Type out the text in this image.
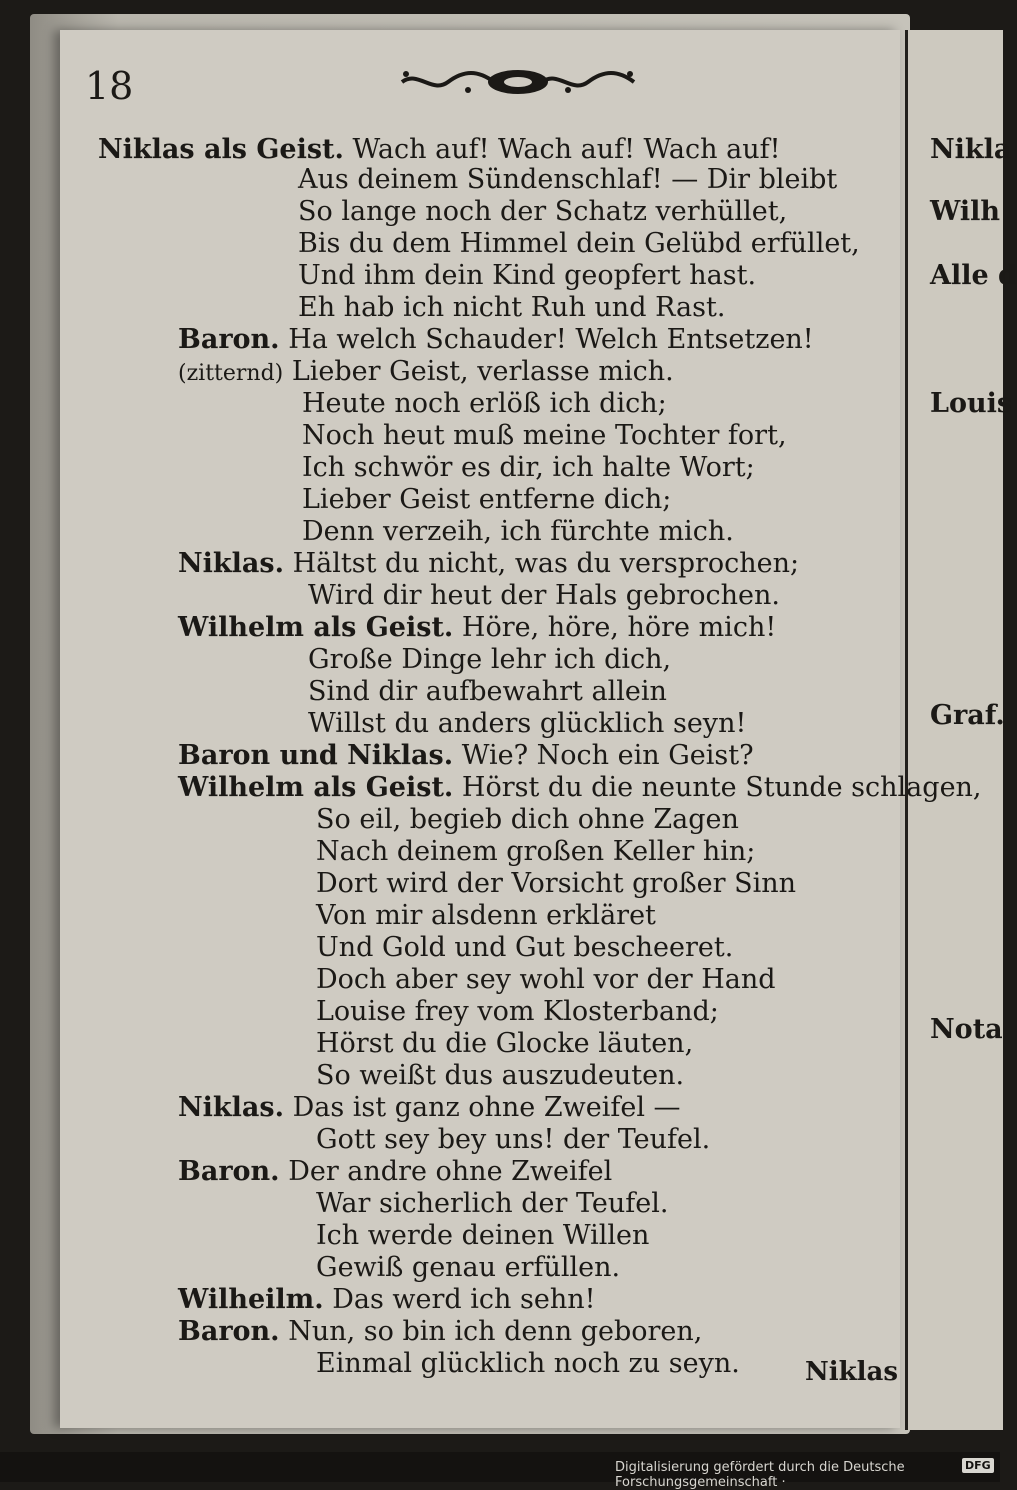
Nikla
Wilh
Alle d
Louis
Graf.
Nota
18
Niklas als Geist. Wach auf! Wach auf! Wach auf!
Aus deinem Sündenschlaf! — Dir bleibt
So lange noch der Schatz verhüllet,
Bis du dem Himmel dein Gelübd erfüllet,
Und ihm dein Kind geopfert hast.
Eh hab ich nicht Ruh und Rast.
Baron. Ha welch Schauder! Welch Entsetzen!
(zitternd) Lieber Geist, verlasse mich.
Heute noch erlöß ich dich;
Noch heut muß meine Tochter fort,
Ich schwör es dir, ich halte Wort;
Lieber Geist entferne dich;
Denn verzeih, ich fürchte mich.
Niklas. Hältst du nicht, was du versprochen;
Wird dir heut der Hals gebrochen.
Wilhelm als Geist. Höre, höre, höre mich!
Große Dinge lehr ich dich,
Sind dir aufbewahrt allein
Willst du anders glücklich seyn!
Baron und Niklas. Wie? Noch ein Geist?
Wilhelm als Geist. Hörst du die neunte Stunde schlagen,
So eil, begieb dich ohne Zagen
Nach deinem großen Keller hin;
Dort wird der Vorsicht großer Sinn
Von mir alsdenn erkläret
Und Gold und Gut bescheeret.
Doch aber sey wohl vor der Hand
Louise frey vom Klosterband;
Hörst du die Glocke läuten,
So weißt dus auszudeuten.
Niklas. Das ist ganz ohne Zweifel —
Gott sey bey uns! der Teufel.
Baron. Der andre ohne Zweifel
War sicherlich der Teufel.
Ich werde deinen Willen
Gewiß genau erfüllen.
Wilheilm. Das werd ich sehn!
Baron. Nun, so bin ich denn geboren,
Einmal glücklich noch zu seyn.	Niklas
Digitalisierung gefördert durch die Deutsche Forschungsgemeinschaft ·
DFG
